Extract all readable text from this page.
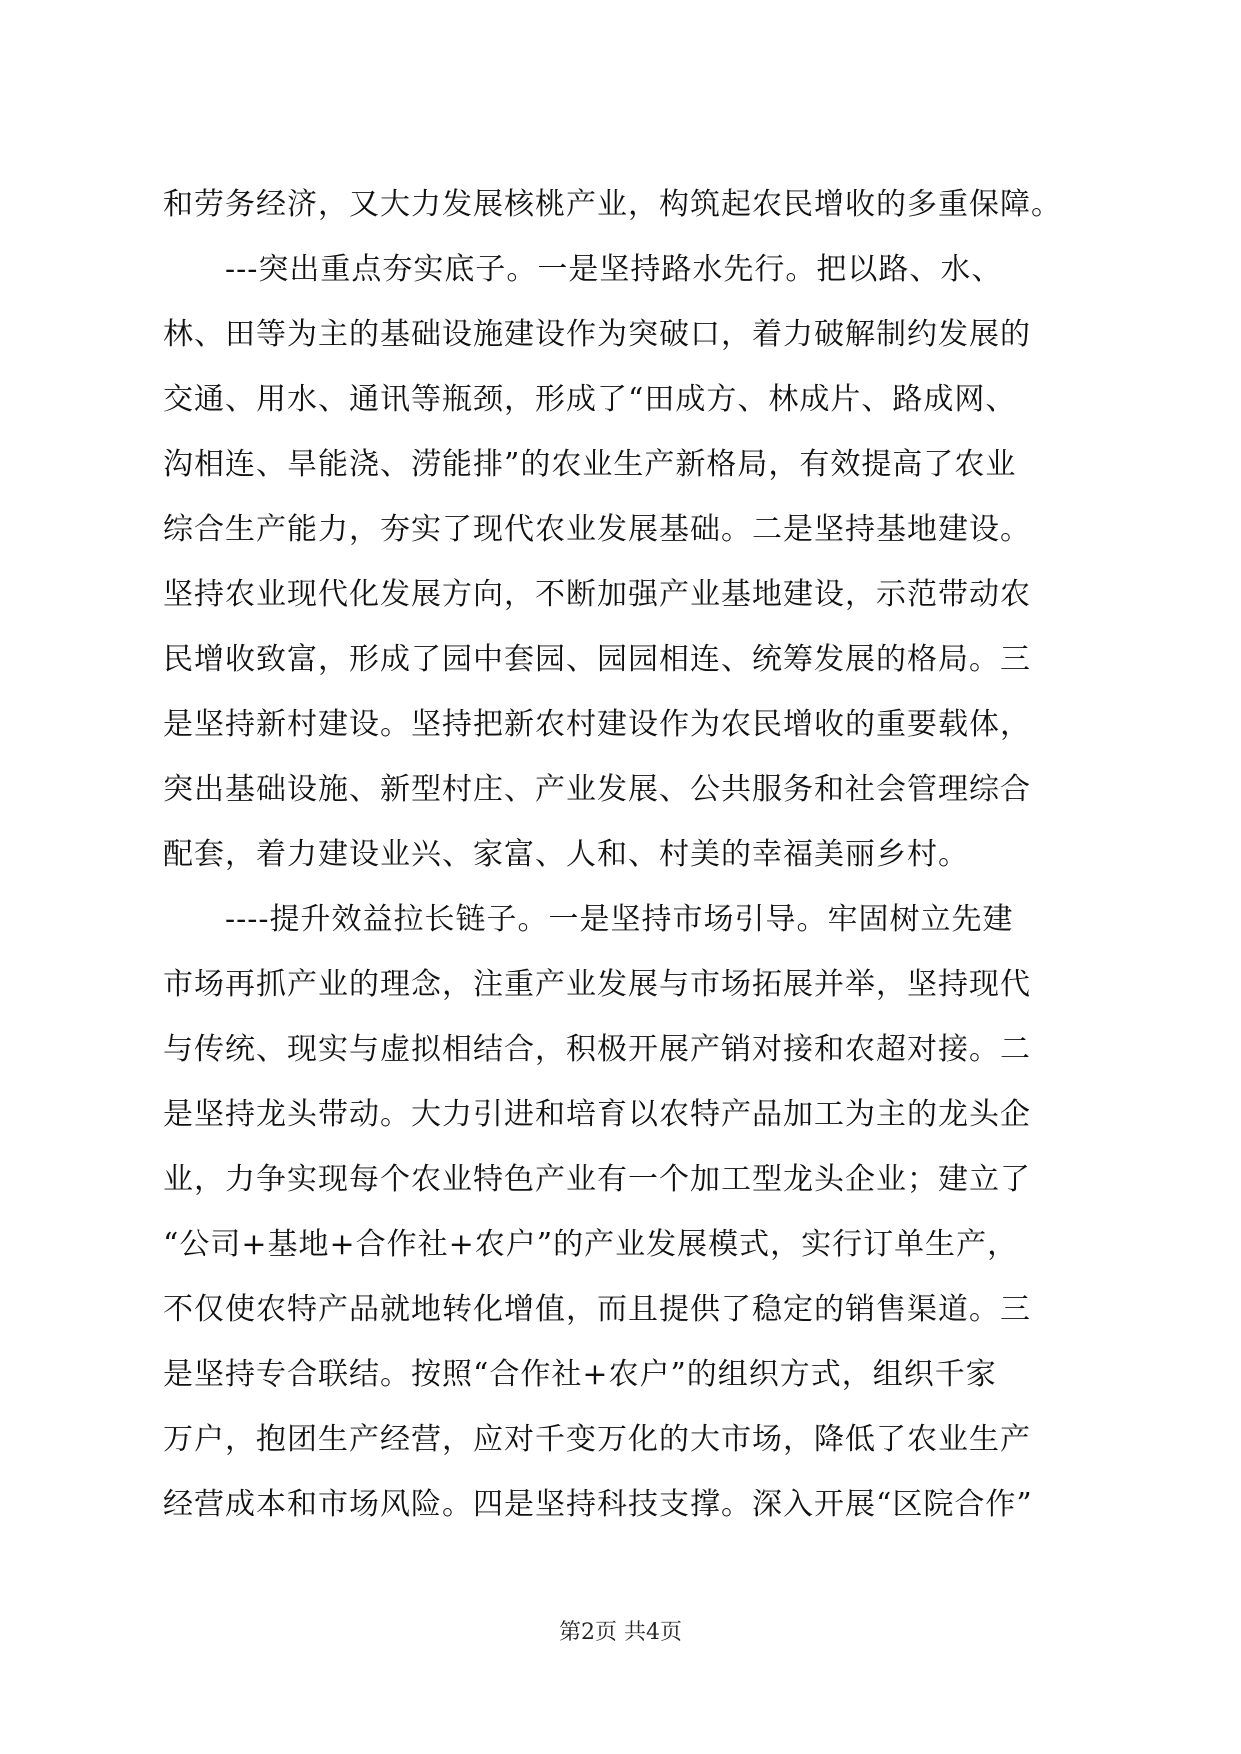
和劳务经济，又大力发展核桃产业，构筑起农民增收的多重保障。
　　---突出重点夯实底子。一是坚持路水先行。把以路、水、
林、田等为主的基础设施建设作为突破口，着力破解制约发展的
交通、用水、通讯等瓶颈，形成了“田成方、林成片、路成网、
沟相连、旱能浇、涝能排”的农业生产新格局，有效提高了农业
综合生产能力，夯实了现代农业发展基础。二是坚持基地建设。
坚持农业现代化发展方向，不断加强产业基地建设，示范带动农
民增收致富，形成了园中套园、园园相连、统筹发展的格局。三
是坚持新村建设。坚持把新农村建设作为农民增收的重要载体，
突出基础设施、新型村庄、产业发展、公共服务和社会管理综合
配套，着力建设业兴、家富、人和、村美的幸福美丽乡村。
　　----提升效益拉长链子。一是坚持市场引导。牢固树立先建
市场再抓产业的理念，注重产业发展与市场拓展并举，坚持现代
与传统、现实与虚拟相结合，积极开展产销对接和农超对接。二
是坚持龙头带动。大力引进和培育以农特产品加工为主的龙头企
业，力争实现每个农业特色产业有一个加工型龙头企业；建立了
“公司+基地+合作社+农户”的产业发展模式，实行订单生产，
不仅使农特产品就地转化增值，而且提供了稳定的销售渠道。三
是坚持专合联结。按照“合作社+农户”的组织方式，组织千家
万户，抱团生产经营，应对千变万化的大市场，降低了农业生产
经营成本和市场风险。四是坚持科技支撑。深入开展“区院合作”
第2页 共4页
